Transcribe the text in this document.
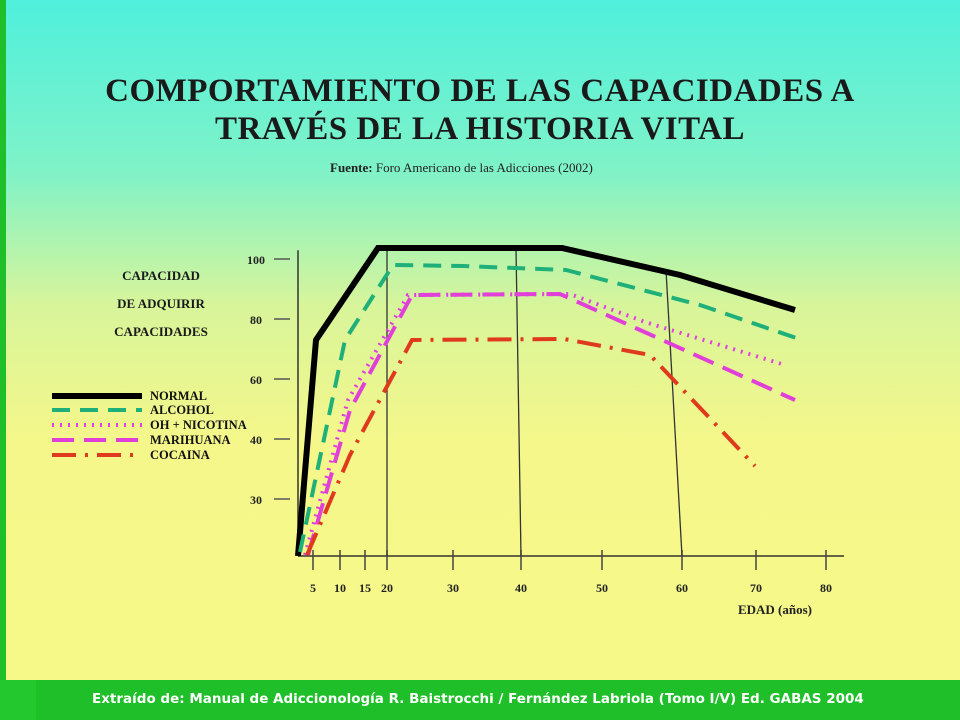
COMPORTAMIENTO DE LAS CAPACIDADES A
TRAVÉS DE LA HISTORIA VITAL
Fuente: Foro Americano de las Adicciones (2002)
CAPACIDAD
DE ADQUIRIR
CAPACIDADES
30
40
60
80
100
5 10 15 20	30	40	50	60	70	80
EDAD (años)
NORMAL
ALCOHOL
OH + NICOTINA
MARIHUANA
COCAINA
Extraído de: Manual de Adiccionología R. Baistrocchi / Fernández Labriola (Tomo I/V) Ed. GABAS 2004
